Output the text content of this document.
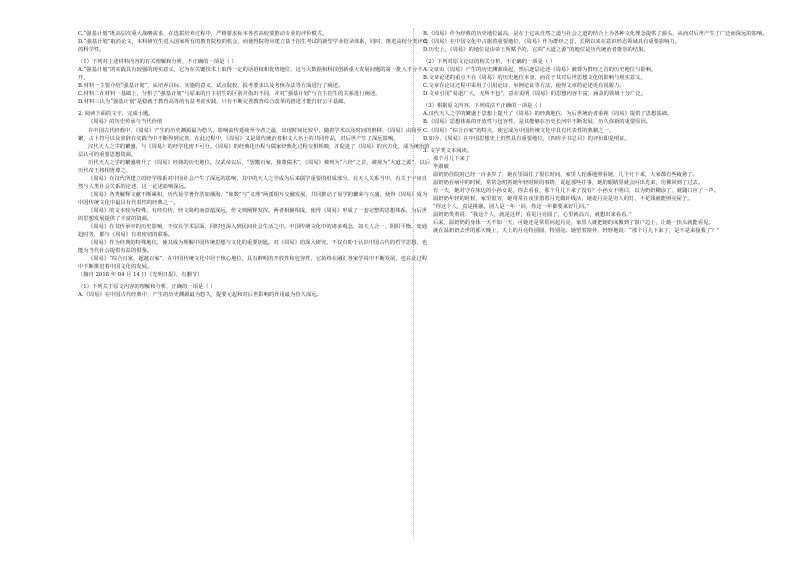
C.“强基计划”既高层次重大战略需求，在选拔培养过程中，严格要求标本各省高校要推动专业的评价模式。

D.“强基计划”取消论文，本科研究生进入国家所有的教育院校的机会，而使得院得应建立基于招生考试的新型学业招录体系，同时，推进高校分类评价的科学性。

（1）下列对上述材料内容的有关理解和分析，不正确的一项是（ ）

A.“强基计划”的实践具有较强的现实意义，它为在关键技术上取得一定的话语权和优势地位，这与大数据和科技创新重大发展问题的第一批人才分不开。

B.材料一主要介绍“强基计划”，从培养目标、实施的意义、试点院校、报考要求以及考核办法等方面进行了阐述。

C.材料二在材料一基础上，分析了“强基计划”与原来的自主招生的区别并指出不同，并对“强基计划”与自主招生的关系进行阐述。

D.材料三认为“强基计划”是稳就于教育高等的有益考虑实践，只有不断完善教育综合改革的推进才能打好公平基础。

2. 阅读下面的文字，完成小题。

《周易》的历史传承与当代价值

在中国古代经典中，《周易》产生的历史渊源最为悠久，影响流传延续至今者之最，出现时间比较早，随着学术以及时间的推移，《周易》由简至繁，占卜符号以及筮辞在实践当中不断得到完善。在此过程中，《周易》又是周代统治者和文人名士的共同作品，对后世产生了深远影响。

汉代天人之学的繁盛，与《周易》的经学化密不可分。《周易》的经典化历程与儒家经典化过程交相辉映，并促进了《周易》的官方化，成为统治阶层认可的重要思想资源。

历代天人之学的繁盛将升了《周易》经典的历史地位。汉武帝以后，“罢黜百家，独尊儒术”，《周易》被列为“六经”之首，被视为“大道之源”，以后历代帝王将相皆尊之。

《周易》在汉代所建立的经学体系对中国社会产生了深远的影响，其中的天人之学成为后来儒学重要的组成部分。在天人关系当中，有关于宇宙自然与人类社会关系的论述，这一论述影响深远。

《周易》各类解释文献不断累积，历代易学著作浩如烟海，“象数”与“义理”两派相互交融发展，共同推动了易学的繁荣与兴盛，使得《周易》成为中国传统文化中最具有代表性的经典之一。

《周易》的文本较为特殊，有经有传，经文简约而意蕴深远，传文则阐释发挥。两者相辅相成，使得《周易》形成了一套完整的思想体系，为后世的思想发展提供了丰富的资源。

《周易》在其传承中的历史影响，不仅在学术层面，同时也深入到民间社会生活之中。中国传统文化中的诸多观念，如天人合一、阴阳平衡、变通趋时等，都与《周易》有着密切的联系。

《周易》作为经典的特殊地位，使其成为理解中国传统思想与文化的重要钥匙。对《周易》的深入研究，不仅有助于认识中国古代的哲学思想，也能为当代社会提供有益的借鉴。

《周易》“综合百家，超越百家”，在中国传统文化中居于核心地位，具有鲜明的开放性和包容性，它始终在融汇各家学说中不断发展，也在此过程中不断推进着中国文化的发展。

（摘自 2018 年 04 月 14 日《光明日报》，有删节）

（1）下列关于原文内容的理解和分析，正确的一项是（ ）

A.《周易》在中国古代经典中，产生的历史渊源最为悠久，提要元起和对后世影响的作用最为持久深远。

B.《周易》作为经典的历史地位最高，是在于它从自然之道与社会之道的结合上为各种文化理念提供了源头，从而对后世产生了广泛而深远的影响。

C.《周易》在中国文化中占据着重要地位，《周易》作为群经之首，长期以来在意识形态领域具有重要影响力。

D.历史上，《周易》的地位是由帝王所赋予的，它的“大道之源”的地位是历代统治者推崇的结果。

（2）下列对原文论证的相关分析，不正确的一项是（ ）

A.文章由《周易》产生的历史渊源谈起，然后逐层论述《周易》被尊为群经之首的历史地位与影响。

B.文章论述的重点不在《周易》的历史地位本身，而在于其对后世思想文化的影响与现实意义。

C.文章在论证过程中采用了引用论证、举例论证等方法，使得文章的论述更有说服力。

D.文章引用“易道广大，无所不包”，意在说明《周易》的思想内容丰富，涵盖的领域十分广泛。

（3）根据原文内容，下列说法不正确的一项是（ ）

A.汉代天人之学的繁盛于思想上提升了《周易》的经典地位，为后世统治者重视《周易》提供了思想基础。

B.《周易》思想体系的开放性与包容性，是其能够在历史长河中不断发展、历久弥新的重要原因。

C.《周易》“综合百家”的特点，使它成为中国传统文化中具有代表性的典籍之一。

D.如今，《周易》在中国思想史上仍然具有重要地位，《四库全书总目》的评价即是明证。

3. 文学类文本阅读。

那个月儿下来了

毕淑敏

温奶奶住院时已经一百多岁了，她在里面住了很长时间，家里人轮番地照看她，几个月下来，大家都有些疲惫了。

温奶奶在病中的时候，常常念叨着她年轻时候的事情，说起那些往事，她的眼睛里就会闪出光来，仿佛回到了过去。

有一天，她对守在床边的小孙女说，你去看看，那个月儿下来了没有？小孙女不明白，以为奶奶糊涂了，就随口应了一声。

温奶奶年轻的时候，家里很穷，她常常在夜里借着月光做针线活，她说月亮是穷人的灯，不花钱就能照亮屋子。

“你这个人，真是挑剔。别人是一年一回，你这一年都要来好几回。”

温奶奶笑着说：“我这个人，就是这样，看见月亮圆了，心里就高兴，就想出来看看。”

后来，温奶奶的身体一天不如一天，可她还是常常问起月亮，家里人就把她的床搬到了窗户边上，让她一抬头就能看见。

就在温奶奶去世的那天晚上，天上的月亮特别圆，特别亮。她望着窗外，轻轻地说：“那个月儿下来了，是不是来接我了？”
